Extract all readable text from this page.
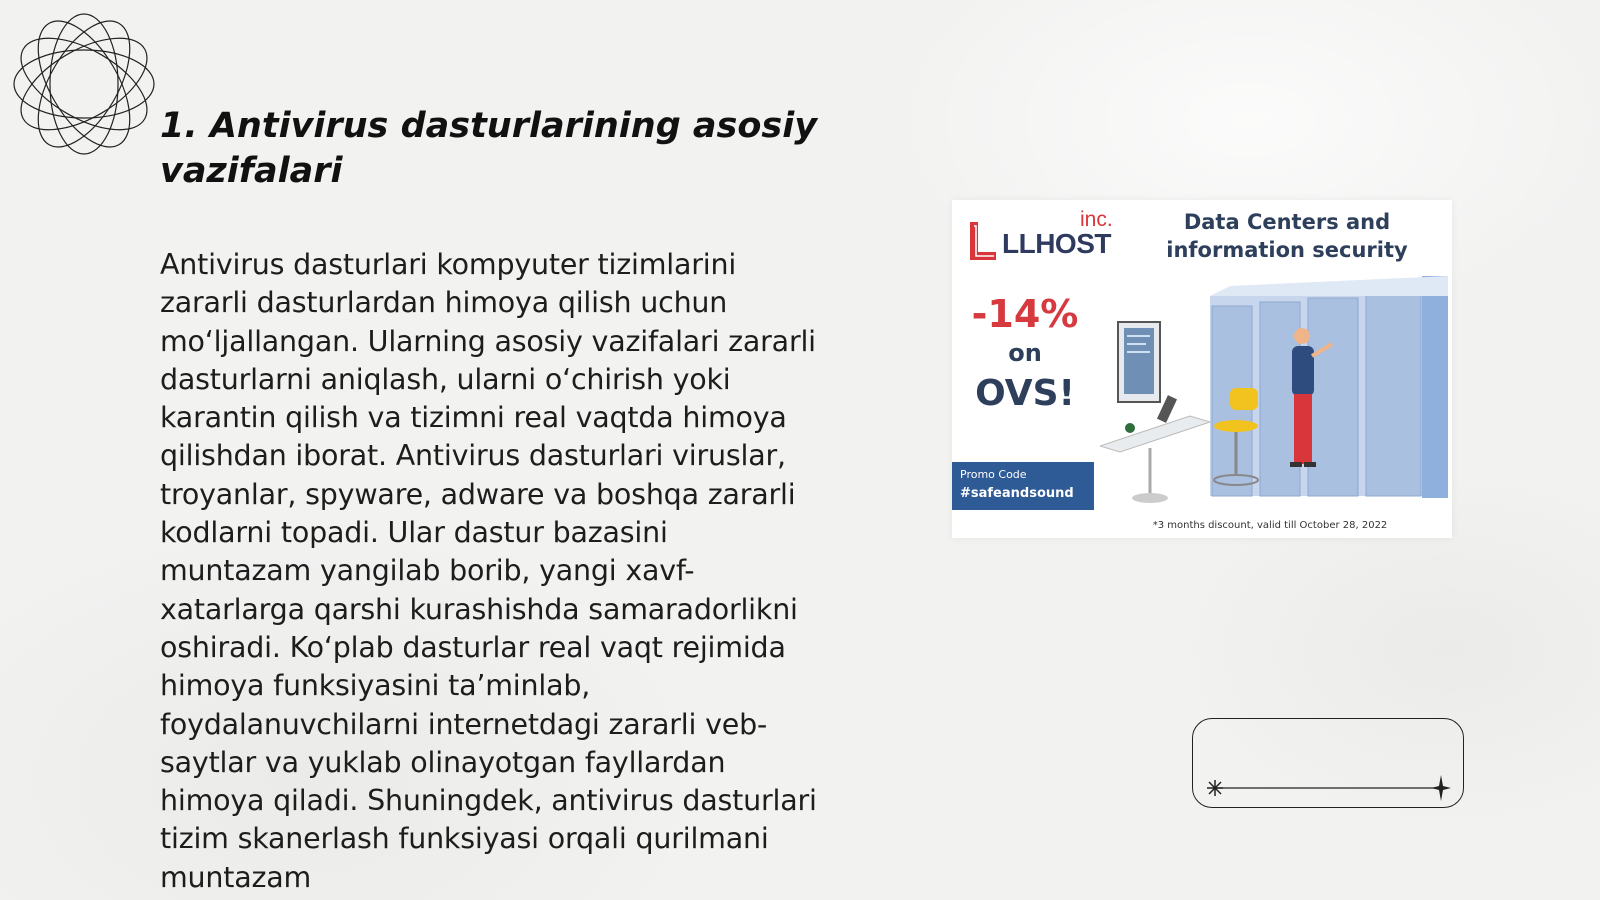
1. Antivirus dasturlarining asosiy vazifalari

Antivirus dasturlari kompyuter tizimlarini zararli dasturlardan himoya qilish uchun mo‘ljallangan. Ularning asosiy vazifalari zararli dasturlarni aniqlash, ularni o‘chirish yoki karantin qilish va tizimni real vaqtda himoya qilishdan iborat. Antivirus dasturlari viruslar, troyanlar, spyware, adware va boshqa zararli kodlarni topadi. Ular dastur bazasini muntazam yangilab borib, yangi xavf-xatarlarga qarshi kurashishda samaradorlikni oshiradi. Ko‘plab dasturlar real vaqt rejimida himoya funksiyasini ta’minlab, foydalanuvchilarni internetdagi zararli veb-saytlar va yuklab olinayotgan fayllardan himoya qiladi. Shuningdek, antivirus dasturlari tizim skanerlash funksiyasi orqali qurilmani muntazam

inc.
LLHOST
Data Centers and information security
-14%
on
OVS!
Promo Code
#safeandsound
*3 months discount, valid till October 28, 2022
